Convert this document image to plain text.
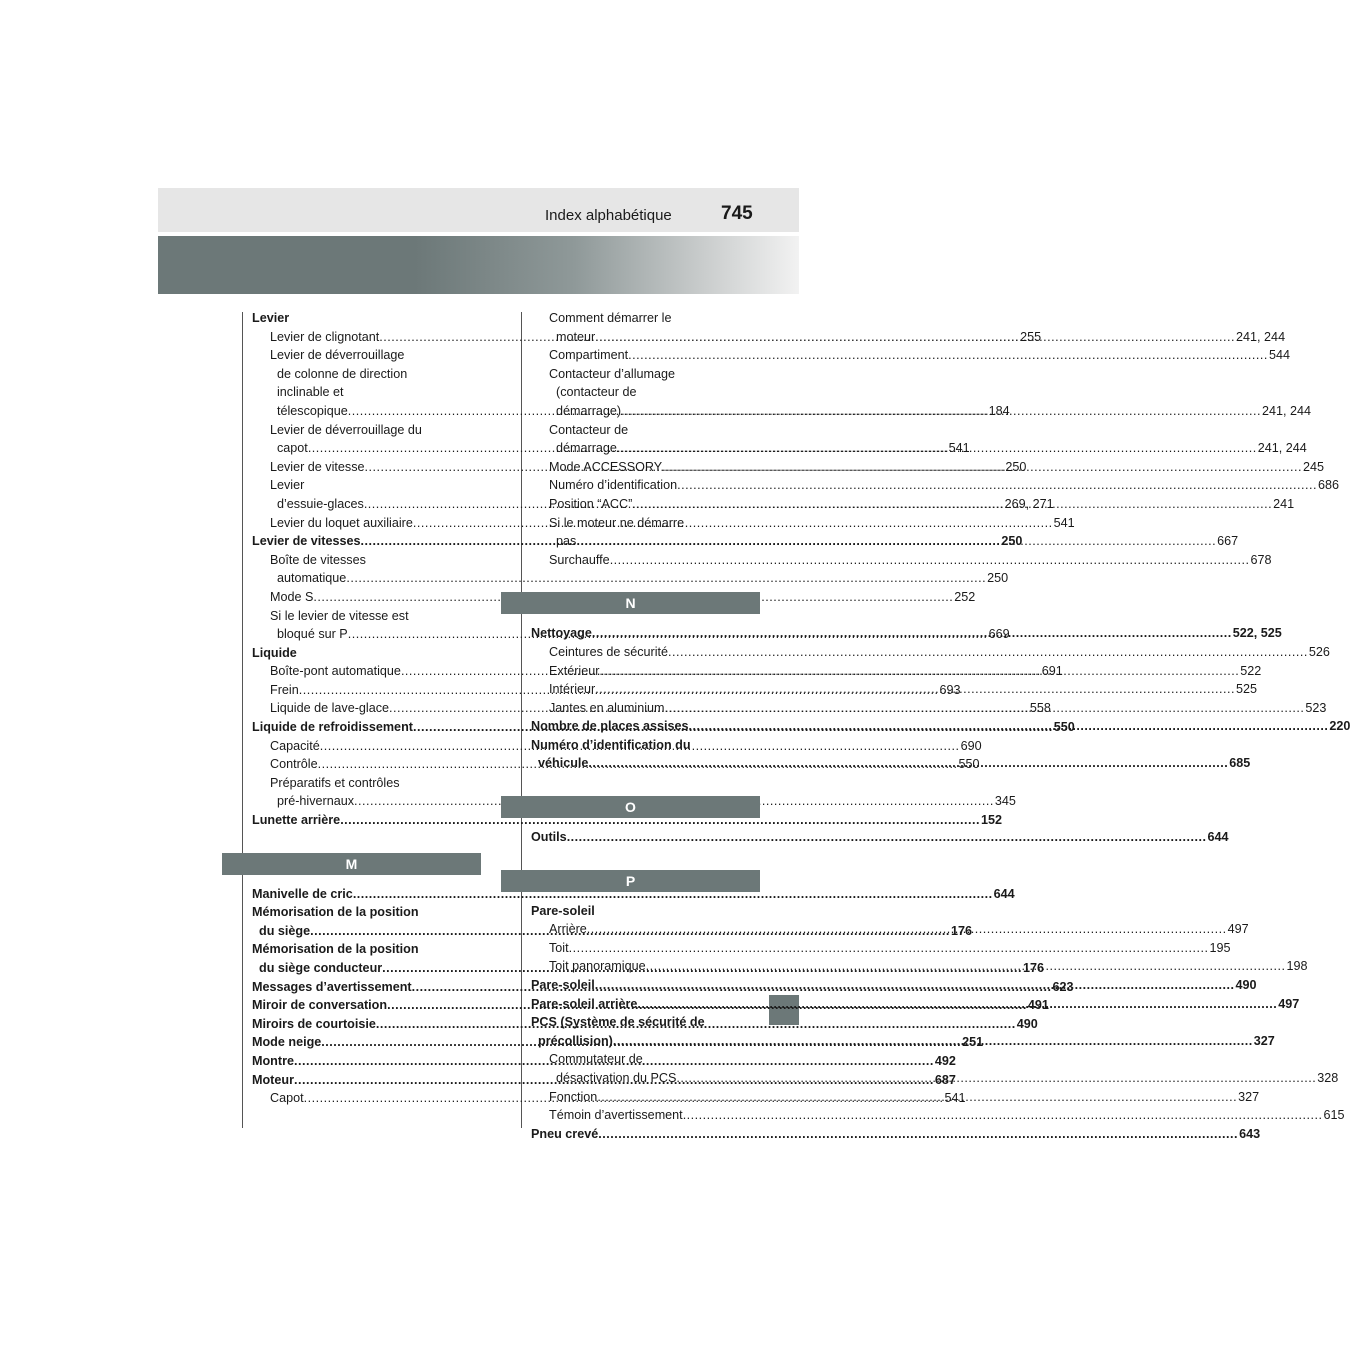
Index alphabétique	745
Levier
Levier de clignotant .....	255
Levier de déverrouillage
de colonne de direction
inclinable et
télescopique .....	184
Levier de déverrouillage du
capot .....	541
Levier de vitesse .....	250
Levier
d’essuie-glaces .....	269, 271
Levier du loquet auxiliaire .....	541
Levier de vitesses .....	250
Boîte de vitesses
automatique .....	250
Mode S .....	252
Si le levier de vitesse est
bloqué sur P .....	669
Liquide
Boîte-pont automatique .....	691
Frein .....	693
Liquide de lave-glace .....	558
Liquide de refroidissement .....	550
Capacité .....	690
Contrôle .....	550
Préparatifs et contrôles
pré-hivernaux .....	345
Lunette arrière .....	152
M
Manivelle de cric .....	644
Mémorisation de la position
du siège .....	176
Mémorisation de la position
du siège conducteur .....	176
Messages d’avertissement .....	623
Miroir de conversation .....	491
Miroirs de courtoisie .....	490
Mode neige .....	251
Montre .....	492
Moteur .....	687
Capot .....	541
Comment démarrer le
moteur .....	241, 244
Compartiment .....	544
Contacteur d’allumage
(contacteur de
démarrage) .....	241, 244
Contacteur de
démarrage .....	241, 244
Mode ACCESSORY .....	245
Numéro d’identification .....	686
Position “ACC” .....	241
Si le moteur ne démarre
pas .....	667
Surchauffe .....	678
N
Nettoyage .....	522, 525
Ceintures de sécurité .....	526
Extérieur .....	522
Intérieur .....	525
Jantes en aluminium .....	523
Nombre de places assises .....	220
Numéro d’identification du
véhicule .....	685
O
Outils .....	644
P
Pare-soleil
Arrière .....	497
Toit .....	195
Toit panoramique .....	198
Pare-soleil .....	490
Pare-soleil arrière .....	497
PCS (Système de sécurité de
précollision) .....	327
Commutateur de
désactivation du PCS .....	328
Fonction .....	327
Témoin d’avertissement .....	615
Pneu crevé .....	643
